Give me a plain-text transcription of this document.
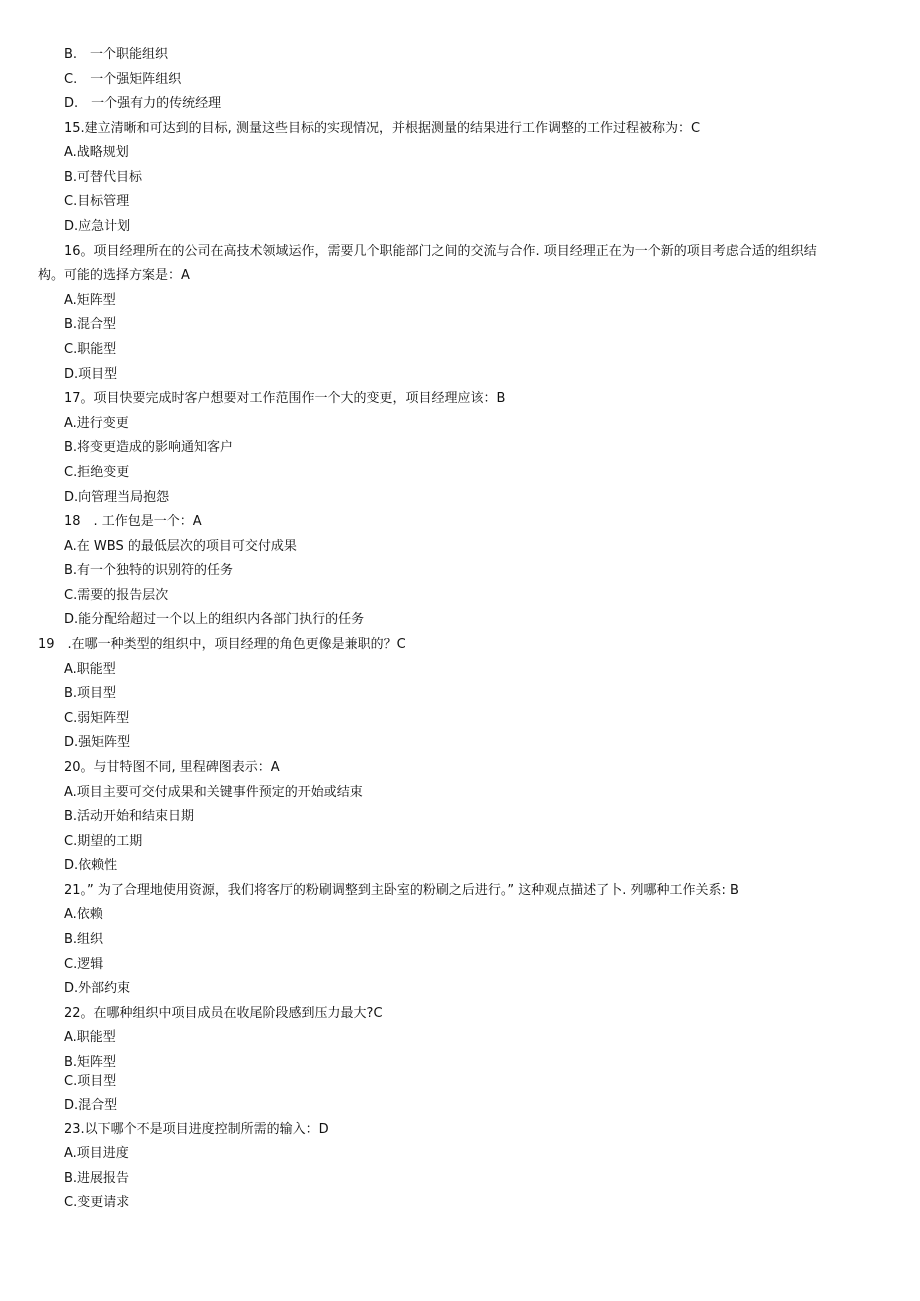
B.　一个职能组织
C.　一个强矩阵组织
D.　一个强有力的传统经理
15.建立清晰和可达到的目标, 测量这些目标的实现情况，并根据测量的结果进行工作调整的工作过程被称为：C
A.战略规划
B.可替代目标
C.目标管理
D.应急计划
16。项目经理所在的公司在高技术领域运作，需要几个职能部门之间的交流与合作. 项目经理正在为一个新的项目考虑合适的组织结
构。可能的选择方案是：A
A.矩阵型
B.混合型
C.职能型
D.项目型
17。项目快要完成时客户想要对工作范围作一个大的变更，项目经理应该：B
A.进行变更
B.将变更造成的影响通知客户
C.拒绝变更
D.向管理当局抱怨
18　. 工作包是一个：A
A.在 WBS 的最低层次的项目可交付成果
B.有一个独特的识别符的任务
C.需要的报告层次
D.能分配给超过一个以上的组织内各部门执行的任务
19　.在哪一种类型的组织中，项目经理的角色更像是兼职的？C
A.职能型
B.项目型
C.弱矩阵型
D.强矩阵型
20。与甘特图不同, 里程碑图表示：A
A.项目主要可交付成果和关键事件预定的开始或结束
B.活动开始和结束日期
C.期望的工期
D.依赖性
21。” 为了合理地使用资源，我们将客厅的粉刷调整到主卧室的粉刷之后进行。” 这种观点描述了卜. 列哪种工作关系: B
A.依赖
B.组织
C.逻辑
D.外部约束
22。在哪种组织中项目成员在收尾阶段感到压力最大?C
A.职能型
B.矩阵型
C.项目型
D.混合型
23.以下哪个不是项目进度控制所需的输入：D
A.项目进度
B.进展报告
C.变更请求
